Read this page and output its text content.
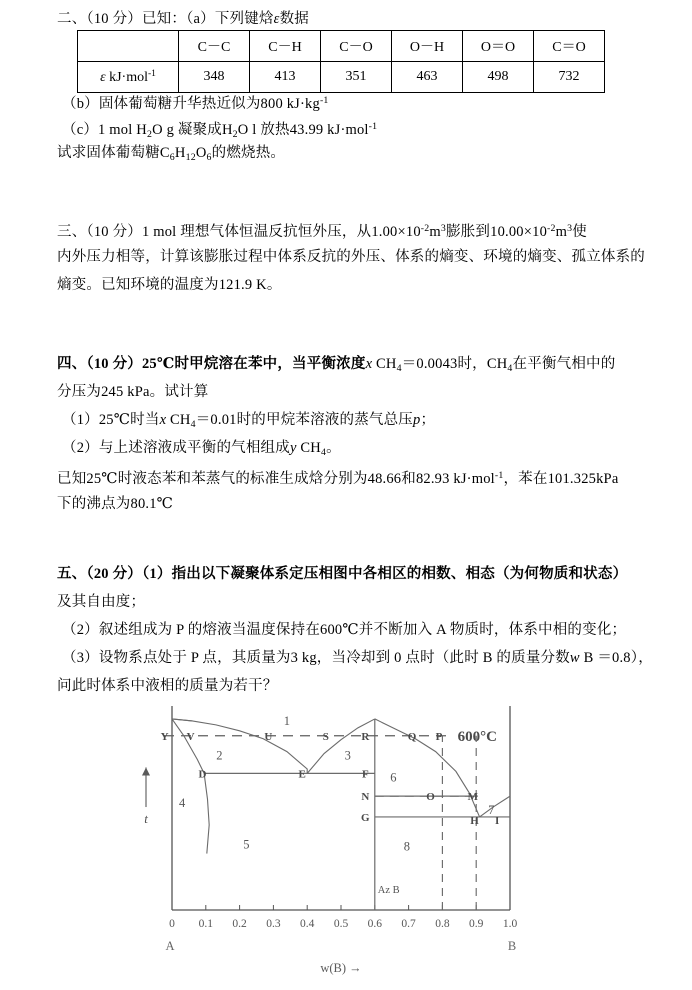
二、（10 分）已知：（a）下列键焓ε数据
	C－C	C－H	C－O	O－H	O＝O	C＝O
ε kJ·mol$^{-1}$	348	413	351	463	498	732
（b）固体葡萄糖升华热近似为800 $kJ\cdot kg^{-1}$
（c）1 mol $H_2O$ g 凝聚成$H_2O$ l 放热43.99 kJ·mol$^{-1}$
试求固体葡萄糖$C_6H_{12}O_6$的燃烧热。
三、（10 分）1 mol 理想气体恒温反抗恒外压，从$1.00\times 10^{-2}m^3$膨胀到$10.00\times 10^{-2}m^3$使
内外压力相等，计算该膨胀过程中体系反抗的外压、体系的熵变、环境的熵变、孤立体系的
熵变。已知环境的温度为121.9 K。
四、（10 分）25℃时甲烷溶在苯中，当平衡浓度x $CH_4=0.0043$时，$CH_4$在平衡气相中的
分压为245 kPa。试计算
（1）25℃时当x $CH_4=0.01$时的甲烷苯溶液的蒸气总压p；
（2）与上述溶液成平衡的气相组成y $CH_4$。
已知25℃时液态苯和苯蒸气的标准生成焓分别为48.66和82.93 kJ·mol$^{-1}$，苯在101.325kPa
下的沸点为80.1℃
五、（20 分）（1）指出以下凝聚体系定压相图中各相区的相数、相态（为何物质和状态）
及其自由度；
（2）叙述组成为 P 的熔液当温度保持在600℃并不断加入 A 物质时，体系中相的变化；
（3）设物系点处于 P 点，其质量为3 kg，当冷却到 0 点时（此时 B 的质量分数w B ＝0.8），
问此时体系中液相的质量为若干？
0 0.1 0.2 0.3 0.4 0.5 0.6 0.7 0.8 0.9 1.0
t
A	B
w(B) →
Az B
600°C
1
2	3
4
5
6
7
8
Y V	U	S	R	Q P
D	E	F
N	O	M
G	H I
